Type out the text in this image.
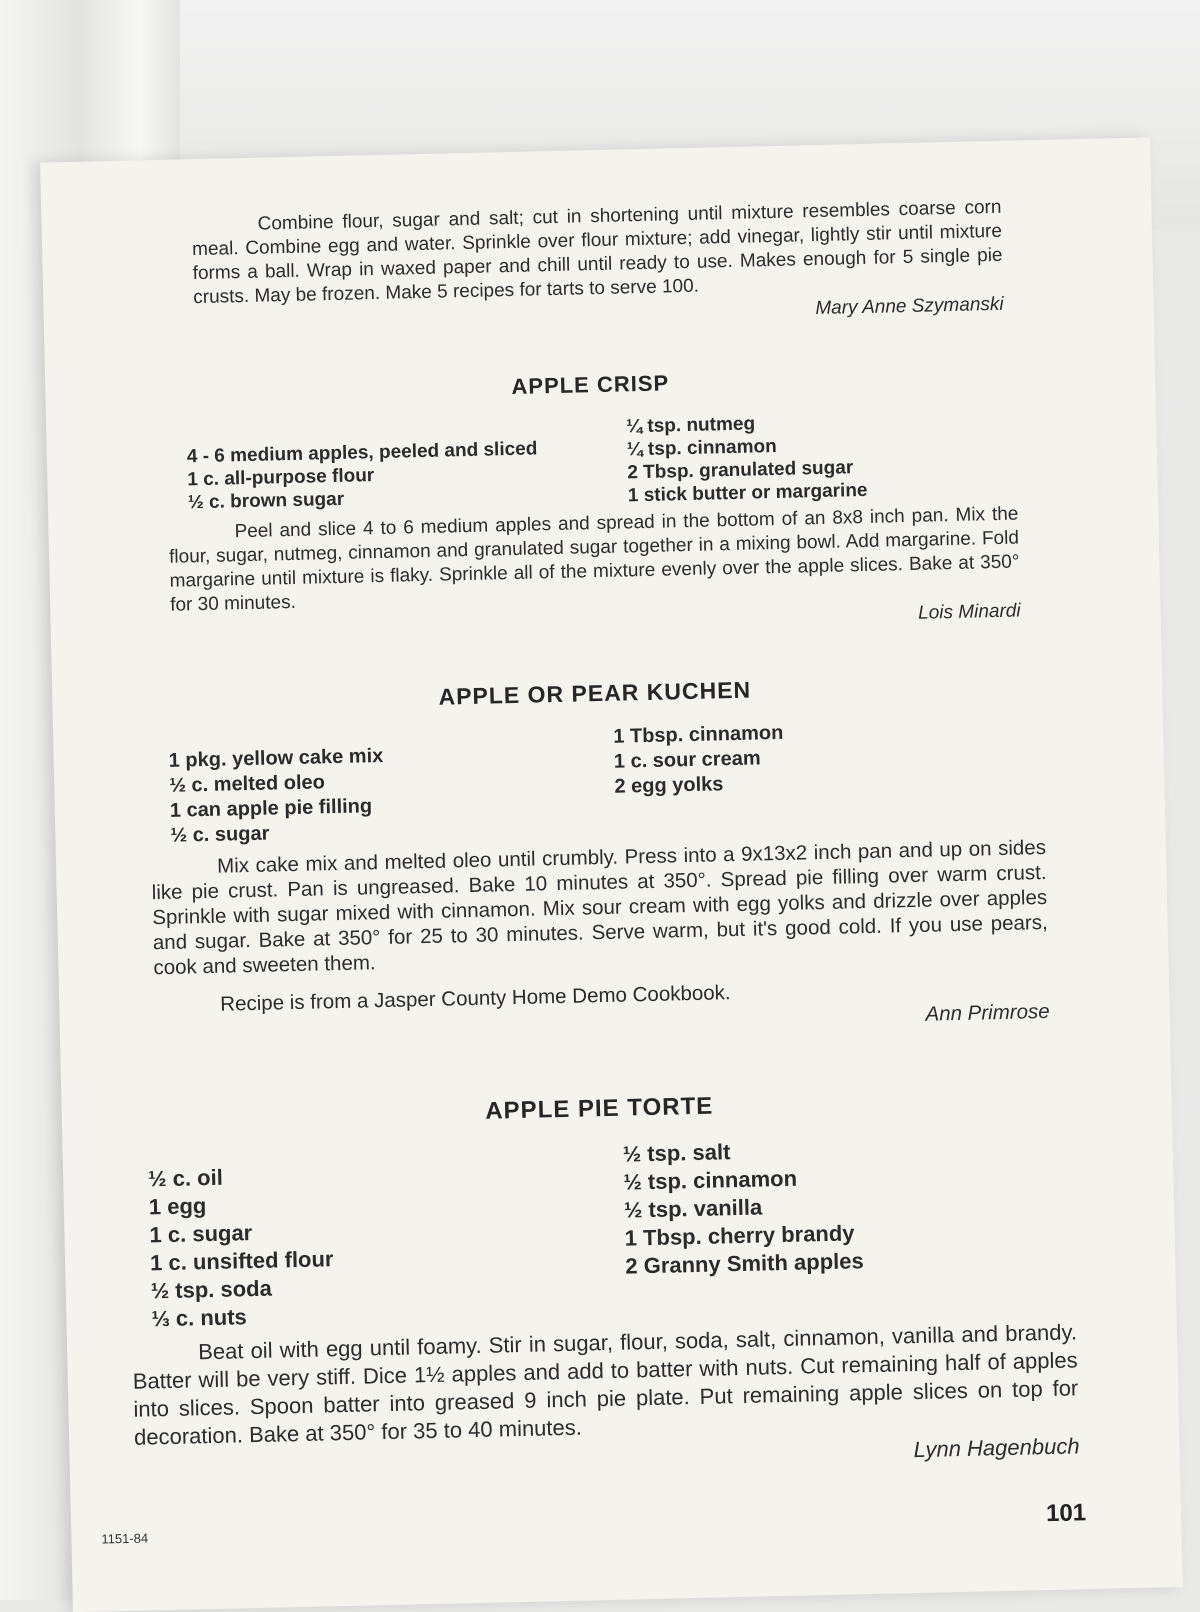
Combine flour, sugar and salt; cut in shortening until mixture resembles coarse corn meal. Combine egg and water. Sprinkle over flour mixture; add vinegar, lightly stir until mixture forms a ball. Wrap in waxed paper and chill until ready to use. Makes enough for 5 single pie crusts. May be frozen. Make 5 recipes for tarts to serve 100.	Mary Anne Szymanski
APPLE CRISP
4 - 6 medium apples, peeled and sliced
1 c. all-purpose flour
½ c. brown sugar
¼ tsp. nutmeg
¼ tsp. cinnamon
2 Tbsp. granulated sugar
1 stick butter or margarine

Peel and slice 4 to 6 medium apples and spread in the bottom of an 8x8 inch pan. Mix the flour, sugar, nutmeg, cinnamon and granulated sugar together in a mixing bowl. Add margarine. Fold margarine until mixture is flaky. Sprinkle all of the mixture evenly over the apple slices. Bake at 350° for 30 minutes.	Lois Minardi
APPLE OR PEAR KUCHEN
1 pkg. yellow cake mix
½ c. melted oleo
1 can apple pie filling
½ c. sugar
1 Tbsp. cinnamon
1 c. sour cream
2 egg yolks

Mix cake mix and melted oleo until crumbly. Press into a 9x13x2 inch pan and up on sides like pie crust. Pan is ungreased. Bake 10 minutes at 350°. Spread pie filling over warm crust. Sprinkle with sugar mixed with cinnamon. Mix sour cream with egg yolks and drizzle over apples and sugar. Bake at 350° for 25 to 30 minutes. Serve warm, but it's good cold. If you use pears, cook and sweeten them.

Recipe is from a Jasper County Home Demo Cookbook.	Ann Primrose
APPLE PIE TORTE
½ c. oil
1 egg
1 c. sugar
1 c. unsifted flour
½ tsp. soda
⅓ c. nuts
½ tsp. salt
½ tsp. cinnamon
½ tsp. vanilla
1 Tbsp. cherry brandy
2 Granny Smith apples

Beat oil with egg until foamy. Stir in sugar, flour, soda, salt, cinnamon, vanilla and brandy. Batter will be very stiff. Dice 1½ apples and add to batter with nuts. Cut remaining half of apples into slices. Spoon batter into greased 9 inch pie plate. Put remaining apple slices on top for decoration. Bake at 350° for 35 to 40 minutes.	Lynn Hagenbuch
1151-84
101
